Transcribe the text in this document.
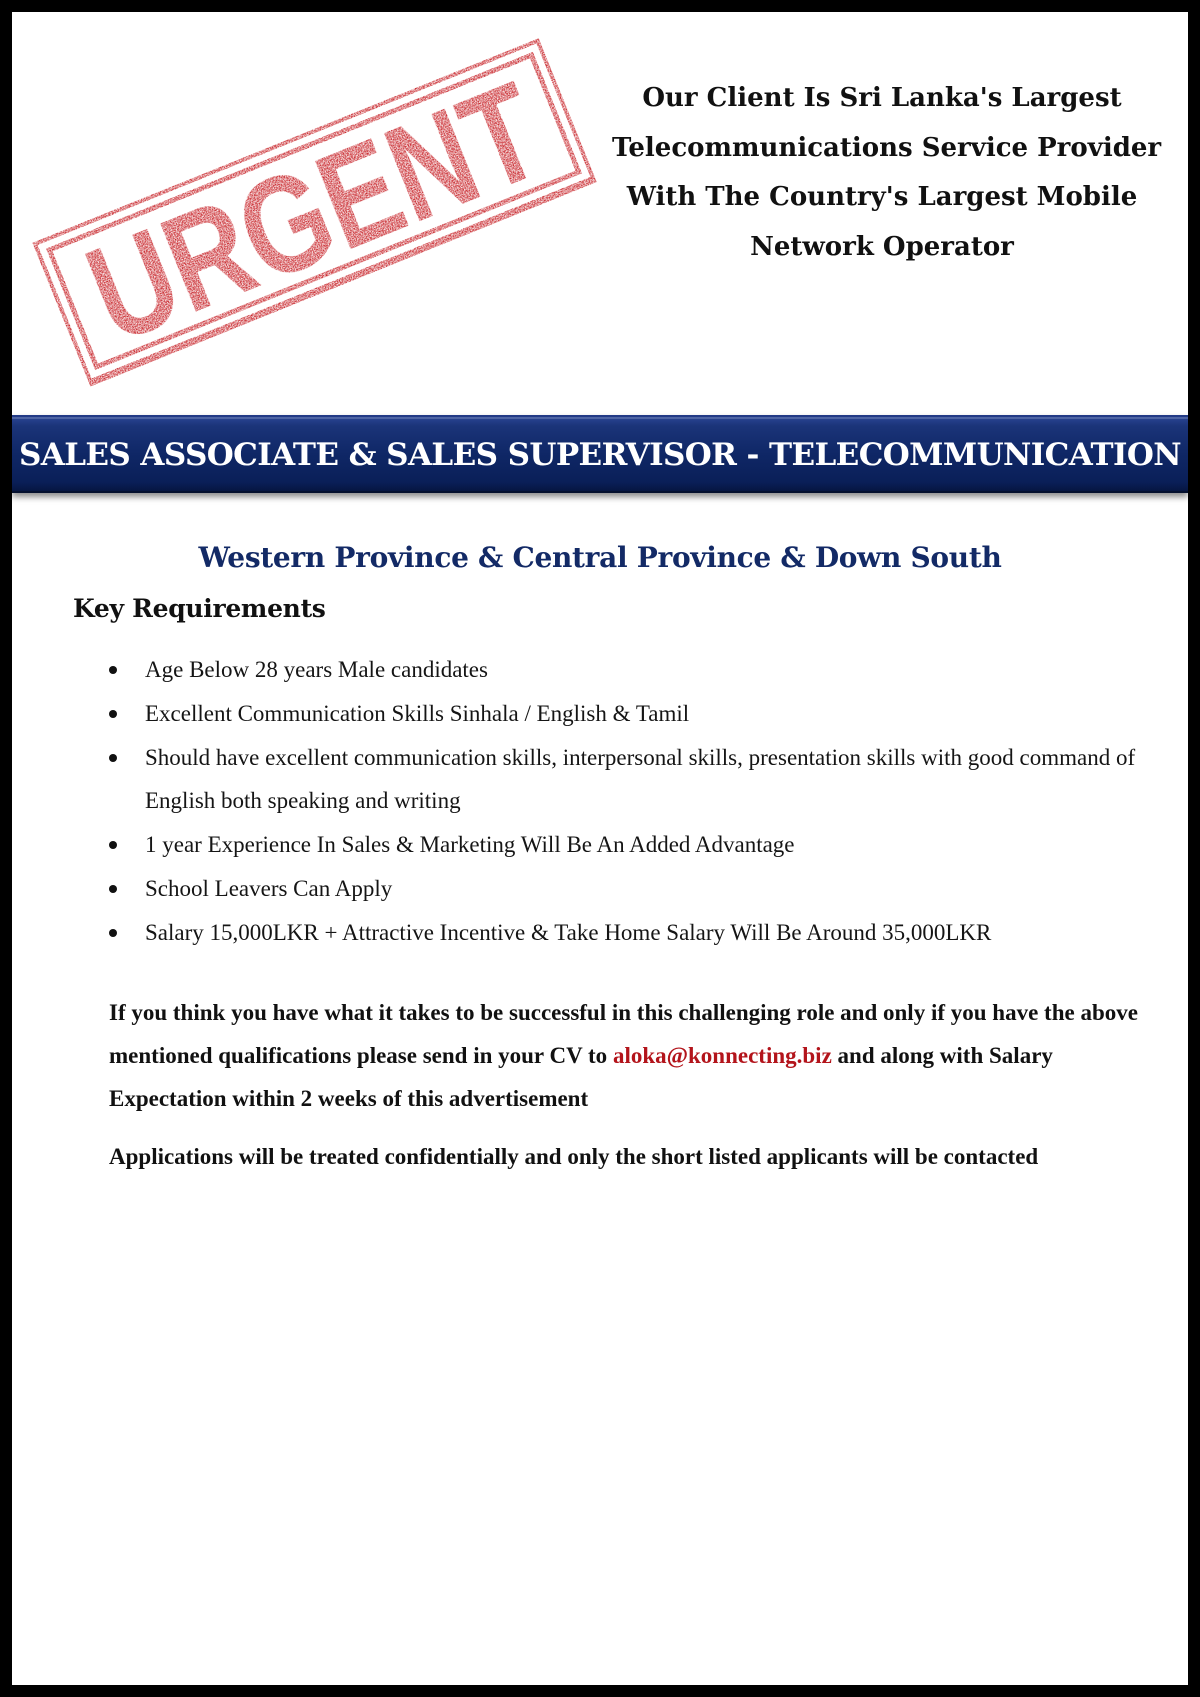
URGENT
Our Client Is Sri Lanka's Largest
Telecommunications Service Provider
With The Country's Largest Mobile
Network Operator
SALES ASSOCIATE & SALES SUPERVISOR - TELECOMMUNICATION
Western Province & Central Province & Down South
Key Requirements
Age Below 28 years Male candidates
Excellent Communication Skills Sinhala / English & Tamil
Should have excellent communication skills, interpersonal skills, presentation skills with good command of English both speaking and writing
1 year Experience In Sales & Marketing Will Be An Added Advantage
School Leavers Can Apply
Salary 15,000LKR + Attractive Incentive & Take Home Salary Will Be Around 35,000LKR

If you think you have what it takes to be successful in this challenging role and only if you have the above mentioned qualifications please send in your CV to aloka@konnecting.biz and along with Salary Expectation within 2 weeks of this advertisement

Applications will be treated confidentially and only the short listed applicants will be contacted
